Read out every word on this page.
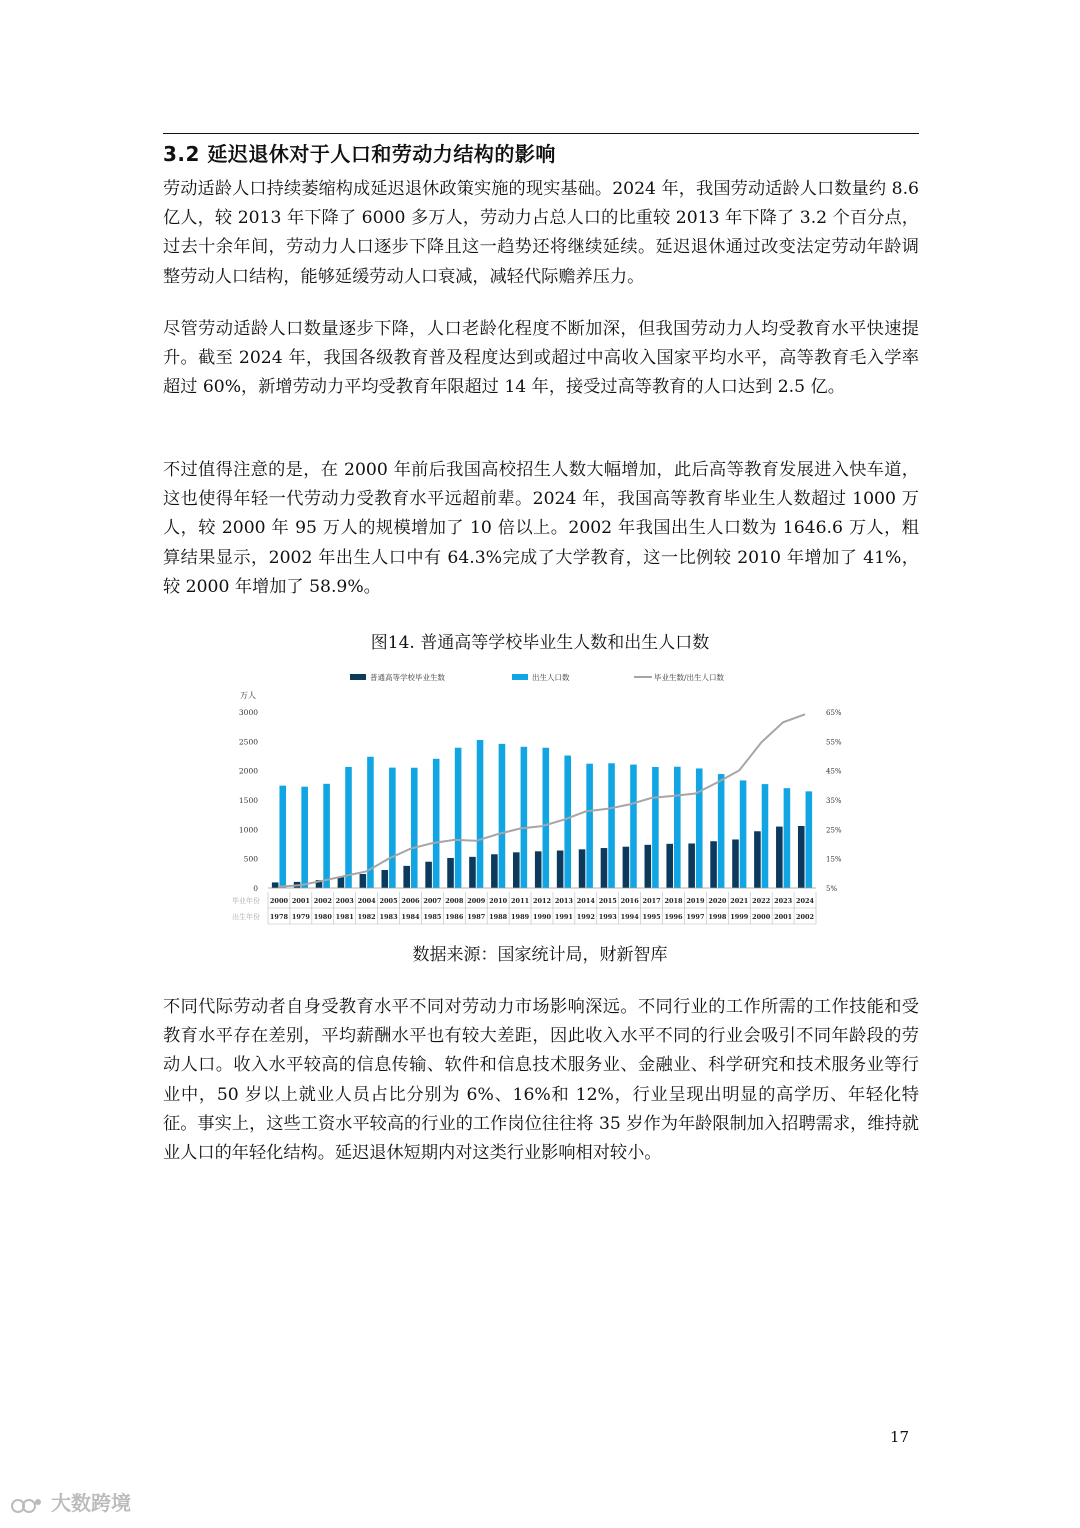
3.2 延迟退休对于人口和劳动力结构的影响

劳动适龄人口持续萎缩构成延迟退休政策实施的现实基础。2024 年，我国劳动适龄人口数量约 8.6 亿人，较 2013 年下降了 6000 多万人，劳动力占总人口的比重较 2013 年下降了 3.2 个百分点，过去十余年间，劳动力人口逐步下降且这一趋势还将继续延续。延迟退休通过改变法定劳动年龄调整劳动人口结构，能够延缓劳动人口衰减，减轻代际赡养压力。

尽管劳动适龄人口数量逐步下降，人口老龄化程度不断加深，但我国劳动力人均受教育水平快速提升。截至 2024 年，我国各级教育普及程度达到或超过中高收入国家平均水平，高等教育毛入学率超过 60%，新增劳动力平均受教育年限超过 14 年，接受过高等教育的人口达到 2.5 亿。

不过值得注意的是，在 2000 年前后我国高校招生人数大幅增加，此后高等教育发展进入快车道，这也使得年轻一代劳动力受教育水平远超前辈。2024 年，我国高等教育毕业生人数超过 1000 万人，较 2000 年 95 万人的规模增加了 10 倍以上。2002 年我国出生人口数为 1646.6 万人，粗算结果显示，2002 年出生人口中有 64.3%完成了大学教育，这一比例较 2010 年增加了 41%，较 2000 年增加了 58.9%。

图14. 普通高等学校毕业生人数和出生人口数
普通高等学校毕业生数	出生人口数	毕业生数/出生人口数
万人
0
500
1000
1500
2000
2500
3000
5%
15%
25%
35%
45%
55%
65%
毕业年份
出生年份
2000
1978
2001
1979
2002
1980
2003
1981
2004
1982
2005
1983
2006
1984
2007
1985
2008
1986
2009
1987
2010
1988
2011
1989
2012
1990
2013
1991
2014
1992
2015
1993
2016
1994
2017
1995
2018
1996
2019
1997
2020
1998
2021
1999
2022
2000
2023
2001
2024
2002
数据来源：国家统计局，财新智库

不同代际劳动者自身受教育水平不同对劳动力市场影响深远。不同行业的工作所需的工作技能和受教育水平存在差别，平均薪酬水平也有较大差距，因此收入水平不同的行业会吸引不同年龄段的劳动人口。收入水平较高的信息传输、软件和信息技术服务业、金融业、科学研究和技术服务业等行业中，50 岁以上就业人员占比分别为 6%、16%和 12%，行业呈现出明显的高学历、年轻化特征。事实上，这些工资水平较高的行业的工作岗位往往将 35 岁作为年龄限制加入招聘需求，维持就业人口的年轻化结构。延迟退休短期内对这类行业影响相对较小。

17
大数跨境
